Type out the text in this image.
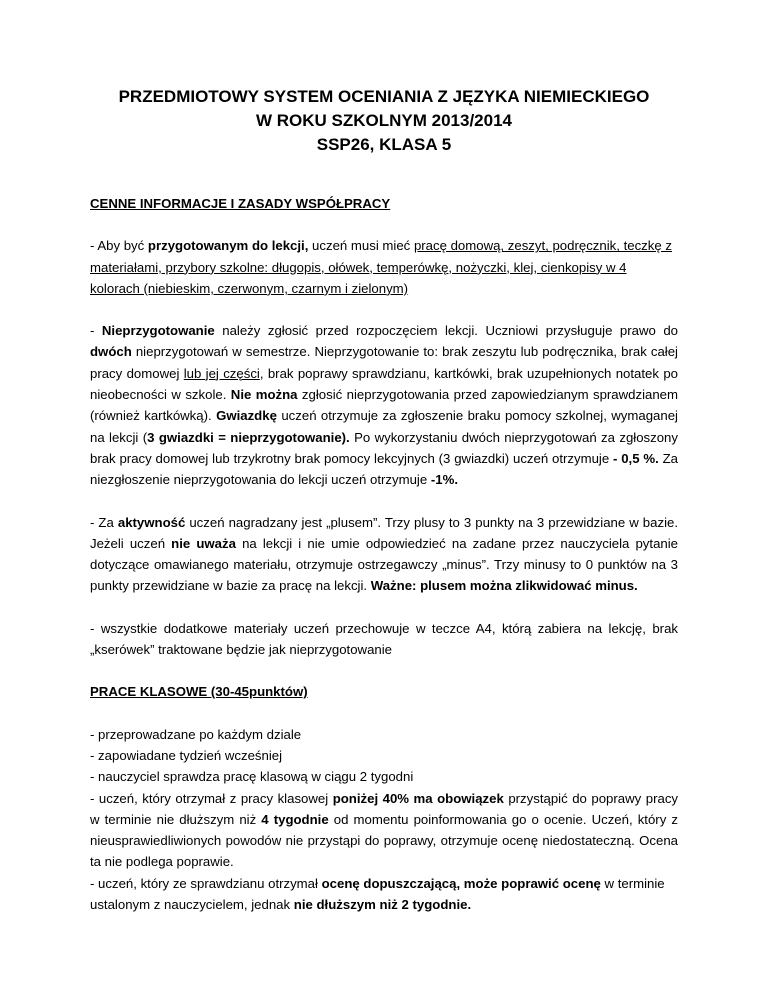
PRZEDMIOTOWY SYSTEM OCENIANIA Z JĘZYKA NIEMIECKIEGO
W ROKU SZKOLNYM 2013/2014
SSP26, KLASA 5
CENNE INFORMACJE I ZASADY WSPÓŁPRACY

- Aby być przygotowanym do lekcji, uczeń musi mieć pracę domową, zeszyt, podręcznik, teczkę z materiałami, przybory szkolne: długopis, ołówek, temperówkę, nożyczki, klej, cienkopisy w 4 kolorach (niebieskim, czerwonym, czarnym i zielonym)

- Nieprzygotowanie należy zgłosić przed rozpoczęciem lekcji. Uczniowi przysługuje prawo do dwóch nieprzygotowań w semestrze. Nieprzygotowanie to: brak zeszytu lub podręcznika, brak całej pracy domowej lub jej części, brak poprawy sprawdzianu, kartkówki, brak uzupełnionych notatek po nieobecności w szkole. Nie można zgłosić nieprzygotowania przed zapowiedzianym sprawdzianem (również kartkówką). Gwiazdkę uczeń otrzymuje za zgłoszenie braku pomocy szkolnej, wymaganej na lekcji (3 gwiazdki = nieprzygotowanie). Po wykorzystaniu dwóch nieprzygotowań za zgłoszony brak pracy domowej lub trzykrotny brak pomocy lekcyjnych (3 gwiazdki) uczeń otrzymuje - 0,5 %. Za niezgłoszenie nieprzygotowania do lekcji uczeń otrzymuje -1%.

- Za aktywność uczeń nagradzany jest „plusem”. Trzy plusy to 3 punkty na 3 przewidziane w bazie. Jeżeli uczeń nie uważa na lekcji i nie umie odpowiedzieć na zadane przez nauczyciela pytanie dotyczące omawianego materiału, otrzymuje ostrzegawczy „minus”. Trzy minusy to 0 punktów na 3 punkty przewidziane w bazie za pracę na lekcji. Ważne: plusem można zlikwidować minus.

- wszystkie dodatkowe materiały uczeń przechowuje w teczce A4, którą zabiera na lekcję, brak „kserówek” traktowane będzie jak nieprzygotowanie

PRACE KLASOWE (30-45punktów)
- przeprowadzane po każdym dziale
- zapowiadane tydzień wcześniej
- nauczyciel sprawdza pracę klasową w ciągu 2 tygodni

- uczeń, który otrzymał z pracy klasowej poniżej 40% ma obowiązek przystąpić do poprawy pracy w terminie nie dłuższym niż 4 tygodnie od momentu poinformowania go o ocenie. Uczeń, który z nieusprawiedliwionych powodów nie przystąpi do poprawy, otrzymuje ocenę niedostateczną. Ocena ta nie podlega poprawie.

- uczeń, który ze sprawdzianu otrzymał ocenę dopuszczającą, może poprawić ocenę w terminie ustalonym z nauczycielem, jednak nie dłuższym niż 2 tygodnie.
